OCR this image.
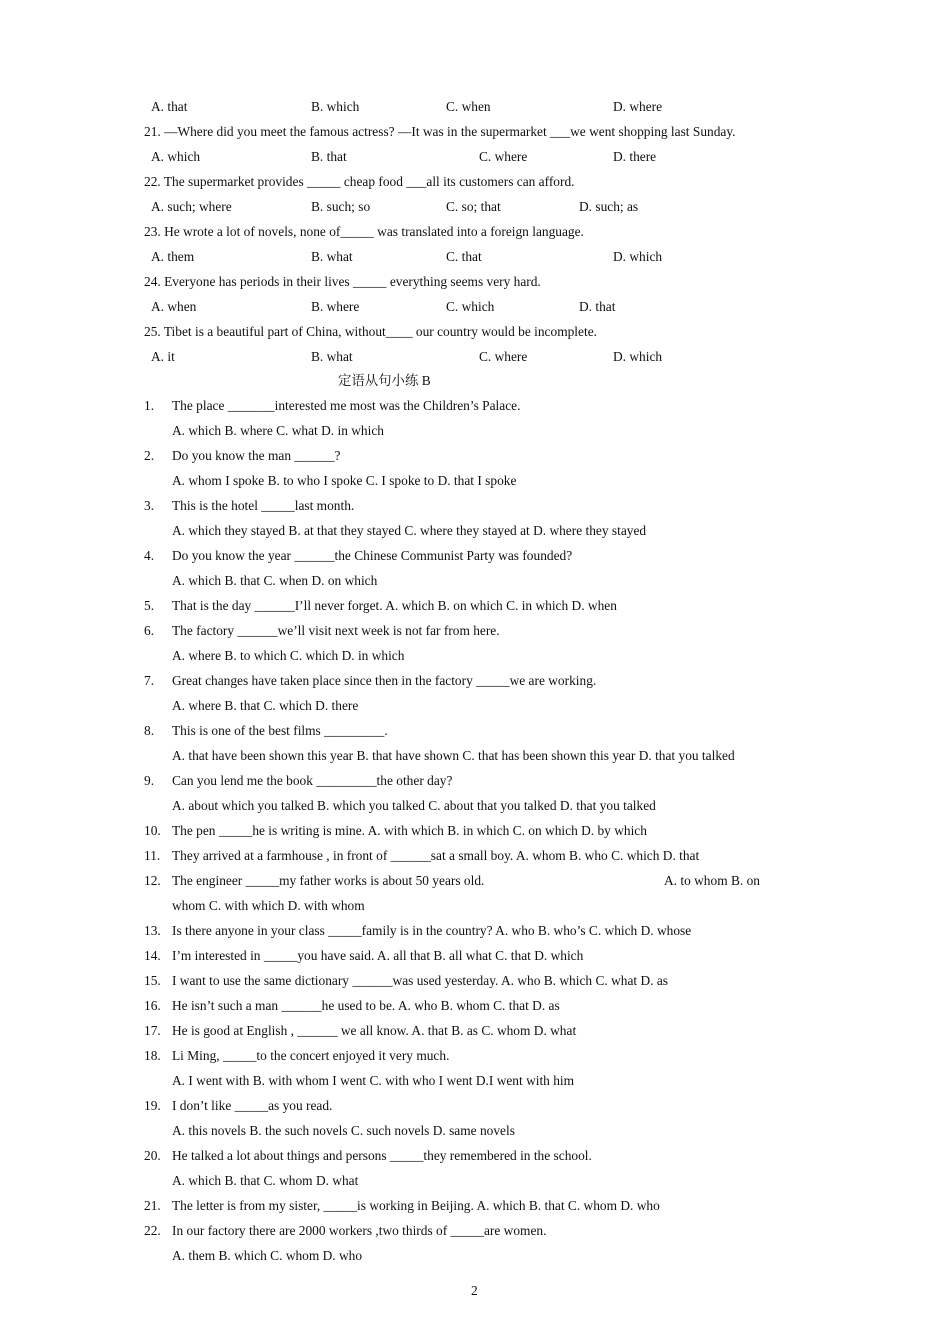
A. that	B. which	C. when	D. where
21. —Where did you meet the famous actress? —It was in the supermarket ___we went shopping last Sunday.
A. which	B. that	C. where	D. there
22. The supermarket provides _____ cheap food ___all its customers can afford.
A. such; where	B. such; so	C. so; that	D. such; as
23. He wrote a lot of novels, none of_____ was translated into a foreign language.
A. them	B. what	C. that	D. which
24. Everyone has periods in their lives _____ everything seems very hard.
A. when	B. where	C. which	D. that
25. Tibet is a beautiful part of China, without____ our country would be incomplete.
A. it	B. what	C. where	D. which
定语从句小练 B
1. The place _______interested me most was the Children’s Palace.
A. which B. where C. what D. in which
2. Do you know the man ______?
A. whom I spoke B. to who I spoke C. I spoke to D. that I spoke
3. This is the hotel _____last month.
A. which they stayed B. at that they stayed C. where they stayed at D. where they stayed
4. Do you know the year ______the Chinese Communist Party was founded?
A. which B. that C. when D. on which
5. That is the day ______I’ll never forget. A. which B. on which C. in which D. when
6. The factory ______we’ll visit next week is not far from here.
A. where B. to which C. which D. in which
7. Great changes have taken place since then in the factory _____we are working.
A. where B. that C. which D. there
8. This is one of the best films _________.
A. that have been shown this year B. that have shown C. that has been shown this year D. that you talked
9. Can you lend me the book _________the other day?
A. about which you talked B. which you talked C. about that you talked D. that you talked
10. The pen _____he is writing is mine. A. with which B. in which C. on which D. by which
11. They arrived at a farmhouse , in front of ______sat a small boy. A. whom B. who C. which D. that
12. The engineer _____my father works is about 50 years old.	A. to whom B. on
whom C. with which D. with whom
13. Is there anyone in your class _____family is in the country? A. who B. who’s C. which D. whose
14. I’m interested in _____you have said. A. all that B. all what C. that D. which
15. I want to use the same dictionary ______was used yesterday. A. who B. which C. what D. as
16. He isn’t such a man ______he used to be. A. who B. whom C. that D. as
17. He is good at English , ______ we all know. A. that B. as C. whom D. what
18. Li Ming, _____to the concert enjoyed it very much.
A. I went with B. with whom I went C. with who I went D.I went with him
19. I don’t like _____as you read.
A. this novels B. the such novels C. such novels D. same novels
20. He talked a lot about things and persons _____they remembered in the school.
A. which B. that C. whom D. what
21. The letter is from my sister, _____is working in Beijing. A. which B. that C. whom D. who
22. In our factory there are 2000 workers ,two thirds of _____are women.
A. them B. which C. whom D. who
2
